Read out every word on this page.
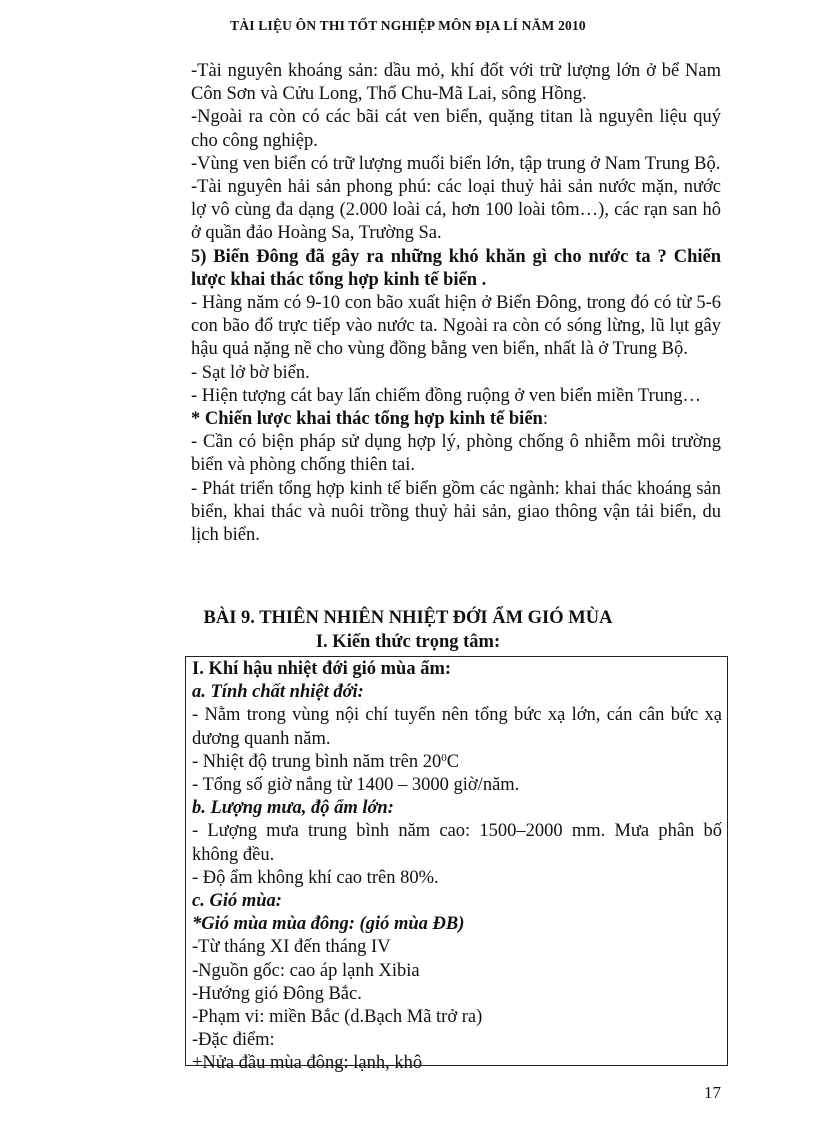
TÀI LIỆU ÔN THI TỐT NGHIỆP MÔN ĐỊA LÍ NĂM 2010

-Tài nguyên khoáng sản: dầu mỏ, khí đốt với trữ lượng lớn ở bể Nam Côn Sơn và Cửu Long, Thổ Chu-Mã Lai, sông Hồng.

-Ngoài ra còn có các bãi cát ven biển, quặng titan là nguyên liệu quý cho công nghiệp.

-Vùng ven biển có trữ lượng muối biển lớn, tập trung ở Nam Trung Bộ.

-Tài nguyên hải sản phong phú: các loại thuỷ hải sản nước mặn, nước lợ vô cùng đa dạng (2.000 loài cá, hơn 100 loài tôm…), các rạn san hô ở quần đảo Hoàng Sa, Trường Sa.

5) Biển Đông đã gây ra những khó khăn gì cho nước ta ? Chiến lược khai thác tổng hợp kinh tế biển .

- Hàng năm có 9-10 con bão xuất hiện ở Biển Đông, trong đó có từ 5-6 con bão đổ trực tiếp vào nước ta. Ngoài ra còn có sóng lừng, lũ lụt gây hậu quả nặng nề cho vùng đồng bằng ven biển, nhất là ở Trung Bộ.

- Sạt lở bờ biển.

- Hiện tượng cát bay lấn chiếm đồng ruộng ở ven biển miền Trung…

* Chiến lược khai thác tổng hợp kinh tế biển:

- Cần có biện pháp sử dụng hợp lý, phòng chống ô nhiễm môi trường biển và phòng chống thiên tai.

- Phát triển tổng hợp kinh tế biển gồm các ngành: khai thác khoáng sản biển, khai thác và nuôi trồng thuỷ hải sản, giao thông vận tải biển, du lịch biển.

BÀI 9. THIÊN NHIÊN NHIỆT ĐỚI ẨM GIÓ MÙA
I. Kiến thức trọng tâm:

I. Khí hậu nhiệt đới gió mùa ẩm:

a. Tính chất nhiệt đới:

- Nằm trong vùng nội chí tuyến nên tổng bức xạ lớn, cán cân bức xạ dương quanh năm.

- Nhiệt độ trung bình năm trên $20^0C$

- Tổng số giờ nắng từ 1400 – 3000 giờ/năm.

b. Lượng mưa, độ ẩm lớn:

- Lượng mưa trung bình năm cao: 1500–2000 mm. Mưa phân bố không đều.

- Độ ẩm không khí cao trên 80%.

c. Gió mùa:

*Gió mùa mùa đông: (gió mùa ĐB)

-Từ tháng XI đến tháng IV

-Nguồn gốc: cao áp lạnh Xibia

-Hướng gió Đông Bắc.

-Phạm vi: miền Bắc (d.Bạch Mã trở ra)

-Đặc điểm:

+Nửa đầu mùa đông: lạnh, khô

17
